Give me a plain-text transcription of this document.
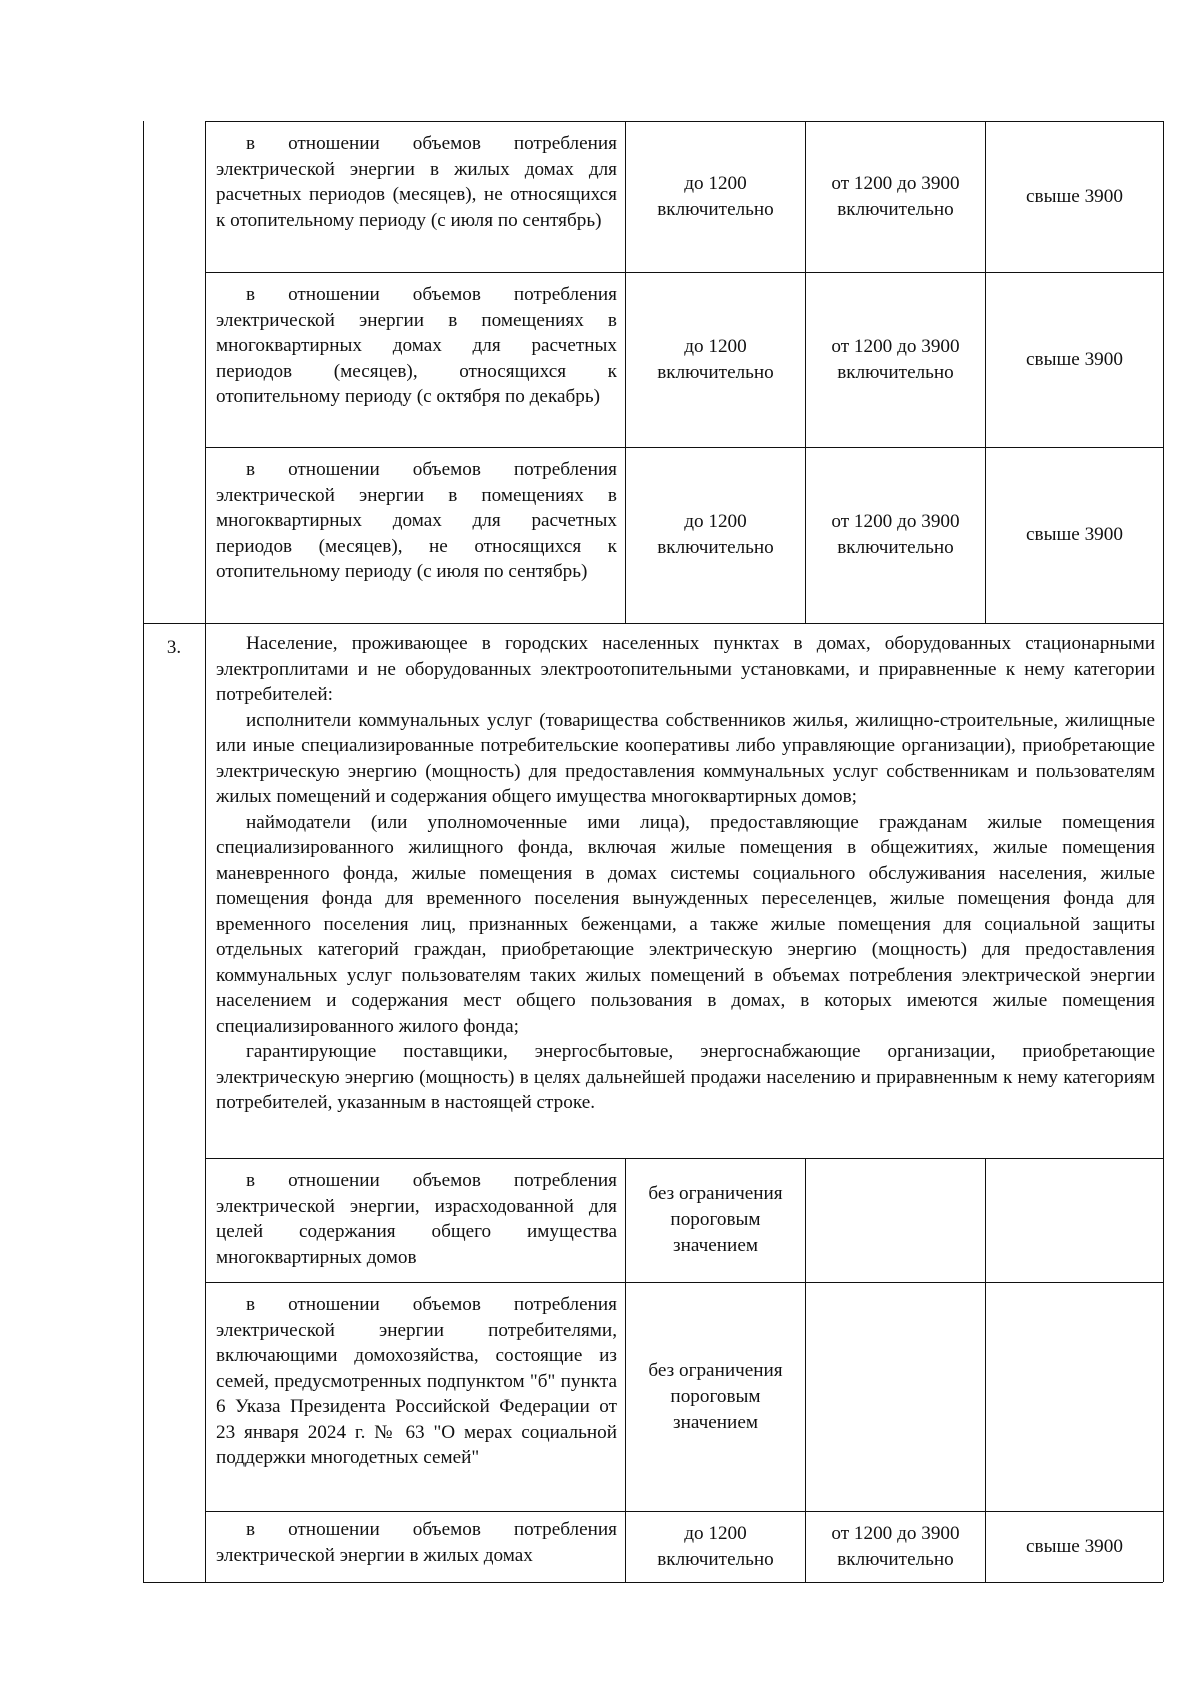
в отношении объемов потребления электрической энергии в жилых домах для расчетных периодов (месяцев), не относящихся к отопительному периоду (с июля по сентябрь)

до 1200
включительно
от 1200 до 3900
включительно
свыше 3900

в отношении объемов потребления электрической энергии в помещениях в многоквартирных домах для расчетных периодов (месяцев), относящихся к отопительному периоду (с октября по декабрь)

до 1200
включительно
от 1200 до 3900
включительно
свыше 3900

в отношении объемов потребления электрической энергии в помещениях в многоквартирных домах для расчетных периодов (месяцев), не относящихся к отопительному периоду (с июля по сентябрь)

до 1200
включительно
от 1200 до 3900
включительно
свыше 3900
3.	Население, проживающее в городских населенных пунктах в домах, оборудованных стационарными электроплитами и не оборудованных электроотопительными установками, и приравненные к нему категории потребителей:

исполнители коммунальных услуг (товарищества собственников жилья, жилищно-строительные, жилищные или иные специализированные потребительские кооперативы либо управляющие организации), приобретающие электрическую энергию (мощность) для предоставления коммунальных услуг собственникам и пользователям жилых помещений и содержания общего имущества многоквартирных домов;

наймодатели (или уполномоченные ими лица), предоставляющие гражданам жилые помещения специализированного жилищного фонда, включая жилые помещения в общежитиях, жилые помещения маневренного фонда, жилые помещения в домах системы социального обслуживания населения, жилые помещения фонда для временного поселения вынужденных переселенцев, жилые помещения фонда для временного поселения лиц, признанных беженцами, а также жилые помещения для социальной защиты отдельных категорий граждан, приобретающие электрическую энергию (мощность) для предоставления коммунальных услуг пользователям таких жилых помещений в объемах потребления электрической энергии населением и содержания мест общего пользования в домах, в которых имеются жилые помещения специализированного жилого фонда;

гарантирующие поставщики, энергосбытовые, энергоснабжающие организации, приобретающие электрическую энергию (мощность) в целях дальнейшей продажи населению и приравненным к нему категориям потребителей, указанным в настоящей строке.

в отношении объемов потребления электрической энергии, израсходованной для целей содержания общего имущества многоквартирных домов

без ограничения
пороговым
значением

в отношении объемов потребления электрической энергии потребителями, включающими домохозяйства, состоящие из семей, предусмотренных подпунктом "б" пункта 6 Указа Президента Российской Федерации от 23 января 2024 г. № 63 "О мерах социальной поддержки многодетных семей"

без ограничения
пороговым
значением

в отношении объемов потребления электрической энергии в жилых домах

до 1200
включительно
от 1200 до 3900
включительно
свыше 3900
